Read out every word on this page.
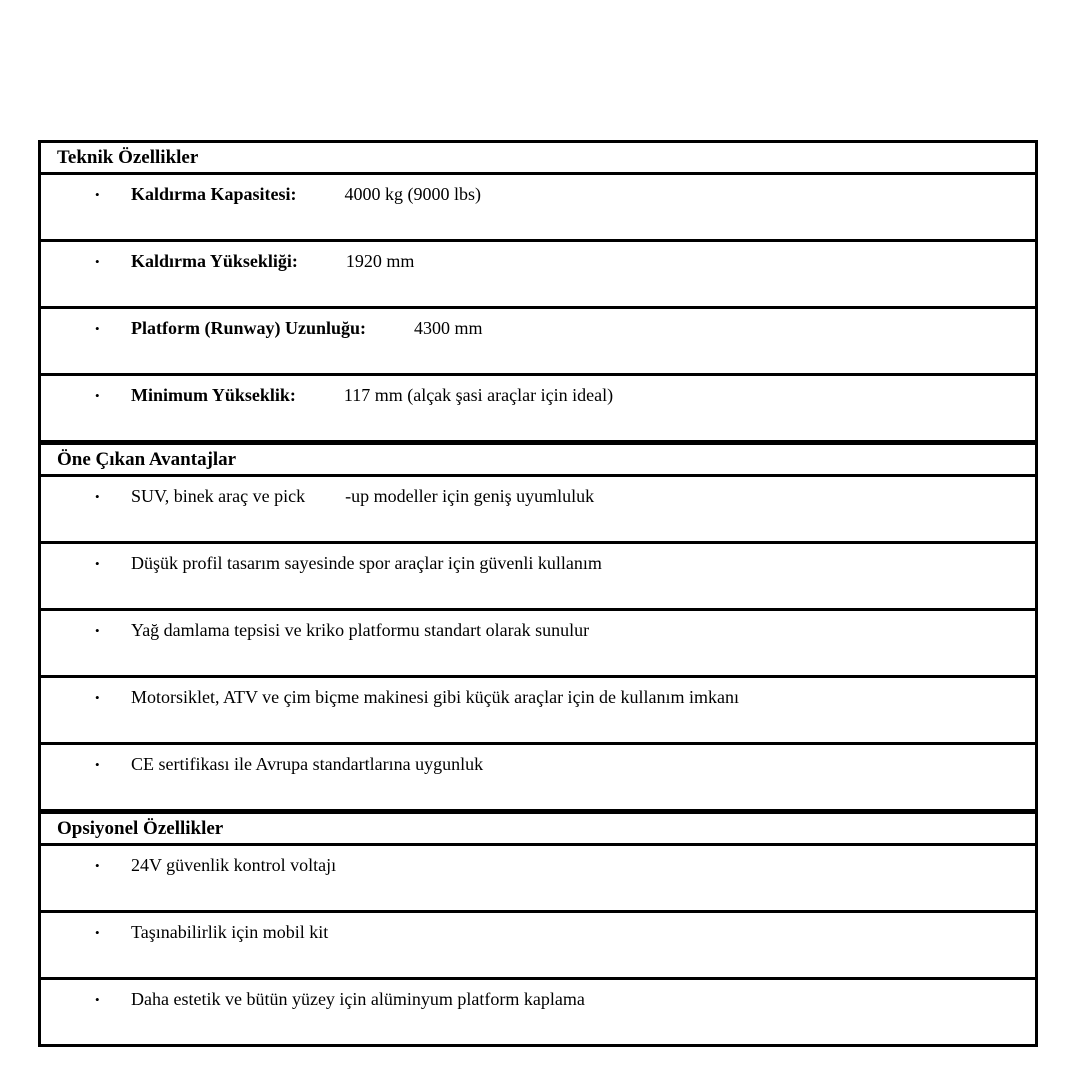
Teknik Özellikler
• Kaldırma Kapasitesi:	4000 kg (9000 lbs)
• Kaldırma Yüksekliği:	1920 mm
• Platform (Runway) Uzunluğu:	4300 mm
• Minimum Yükseklik:	117 mm (alçak şasi araçlar için ideal)
Öne Çıkan Avantajlar
• SUV, binek araç ve pick -up modeller için geniş uyumluluk
• Düşük profil tasarım sayesinde spor araçlar için güvenli kullanım
• Yağ damlama tepsisi ve kriko platformu standart olarak sunulur
• Motorsiklet, ATV ve çim biçme makinesi gibi küçük araçlar için de kullanım imkanı
• CE sertifikası ile Avrupa standartlarına uygunluk
Opsiyonel Özellikler
• 24V güvenlik kontrol voltajı
• Taşınabilirlik için mobil kit
• Daha estetik ve bütün yüzey için alüminyum platform kaplama
